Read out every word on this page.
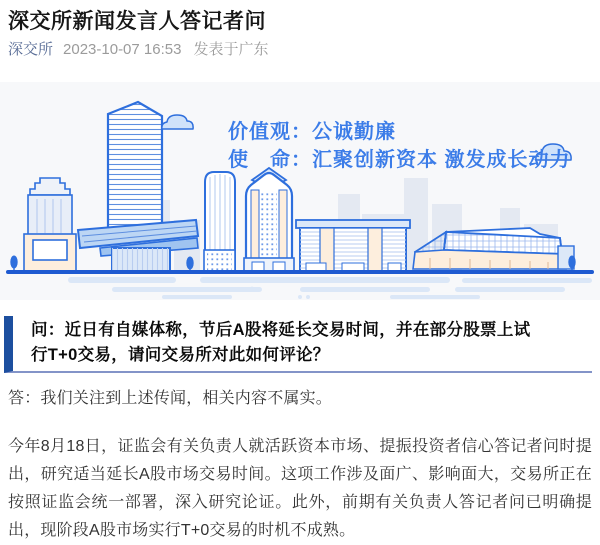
深交所新闻发言人答记者问
深交所 2023-10-07 16:53 发表于广东
价值观：公诚勤廉
使　命：汇聚创新资本 激发成长动力
问：近日有自媒体称，节后A股将延长交易时间，并在部分股票上试
行T+0交易，请问交易所对此如何评论？

答：我们关注到上述传闻，相关内容不属实。

今年8月18日，证监会有关负责人就活跃资本市场、提振投资者信心答记者问时提出，研究适当延长A股市场交易时间。这项工作涉及面广、影响面大，交易所正在按照证监会统一部署，深入研究论证。此外，前期有关负责人答记者问已明确提出，现阶段A股市场实行T+0交易的时机不成熟。
